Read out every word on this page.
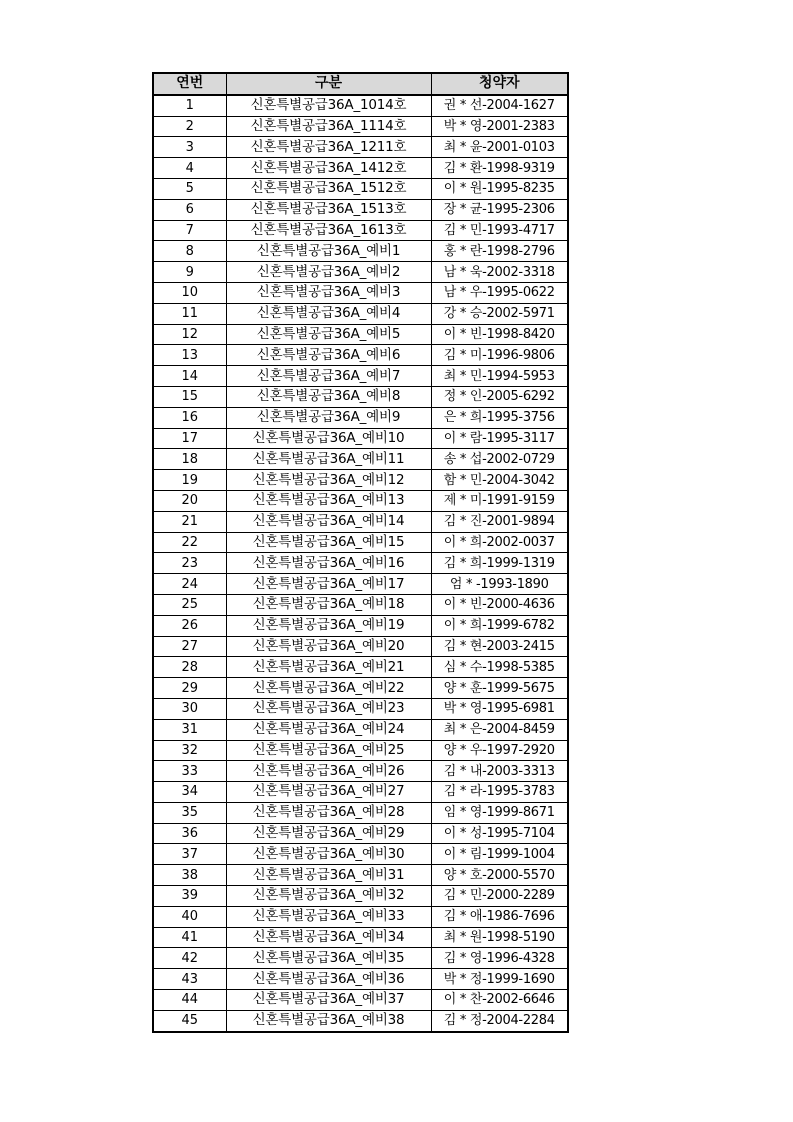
연번	구분	청약자
1	신혼특별공급36A_1014호	권 * 선-2004-1627
2	신혼특별공급36A_1114호	박 * 영-2001-2383
3	신혼특별공급36A_1211호	최 * 윤-2001-0103
4	신혼특별공급36A_1412호	김 * 환-1998-9319
5	신혼특별공급36A_1512호	이 * 원-1995-8235
6	신혼특별공급36A_1513호	장 * 균-1995-2306
7	신혼특별공급36A_1613호	김 * 민-1993-4717
8	신혼특별공급36A_예비1	홍 * 란-1998-2796
9	신혼특별공급36A_예비2	남 * 욱-2002-3318
10	신혼특별공급36A_예비3	남 * 우-1995-0622
11	신혼특별공급36A_예비4	강 * 승-2002-5971
12	신혼특별공급36A_예비5	이 * 빈-1998-8420
13	신혼특별공급36A_예비6	김 * 미-1996-9806
14	신혼특별공급36A_예비7	최 * 민-1994-5953
15	신혼특별공급36A_예비8	정 * 인-2005-6292
16	신혼특별공급36A_예비9	은 * 희-1995-3756
17	신혼특별공급36A_예비10	이 * 람-1995-3117
18	신혼특별공급36A_예비11	송 * 섭-2002-0729
19	신혼특별공급36A_예비12	함 * 민-2004-3042
20	신혼특별공급36A_예비13	제 * 미-1991-9159
21	신혼특별공급36A_예비14	김 * 진-2001-9894
22	신혼특별공급36A_예비15	이 * 희-2002-0037
23	신혼특별공급36A_예비16	김 * 희-1999-1319
24	신혼특별공급36A_예비17	엄 * -1993-1890
25	신혼특별공급36A_예비18	이 * 빈-2000-4636
26	신혼특별공급36A_예비19	이 * 희-1999-6782
27	신혼특별공급36A_예비20	김 * 현-2003-2415
28	신혼특별공급36A_예비21	심 * 수-1998-5385
29	신혼특별공급36A_예비22	양 * 훈-1999-5675
30	신혼특별공급36A_예비23	박 * 영-1995-6981
31	신혼특별공급36A_예비24	최 * 은-2004-8459
32	신혼특별공급36A_예비25	양 * 우-1997-2920
33	신혼특별공급36A_예비26	김 * 내-2003-3313
34	신혼특별공급36A_예비27	김 * 라-1995-3783
35	신혼특별공급36A_예비28	임 * 영-1999-8671
36	신혼특별공급36A_예비29	이 * 성-1995-7104
37	신혼특별공급36A_예비30	이 * 림-1999-1004
38	신혼특별공급36A_예비31	양 * 호-2000-5570
39	신혼특별공급36A_예비32	김 * 민-2000-2289
40	신혼특별공급36A_예비33	김 * 애-1986-7696
41	신혼특별공급36A_예비34	최 * 원-1998-5190
42	신혼특별공급36A_예비35	김 * 영-1996-4328
43	신혼특별공급36A_예비36	박 * 정-1999-1690
44	신혼특별공급36A_예비37	이 * 찬-2002-6646
45	신혼특별공급36A_예비38	김 * 정-2004-2284
